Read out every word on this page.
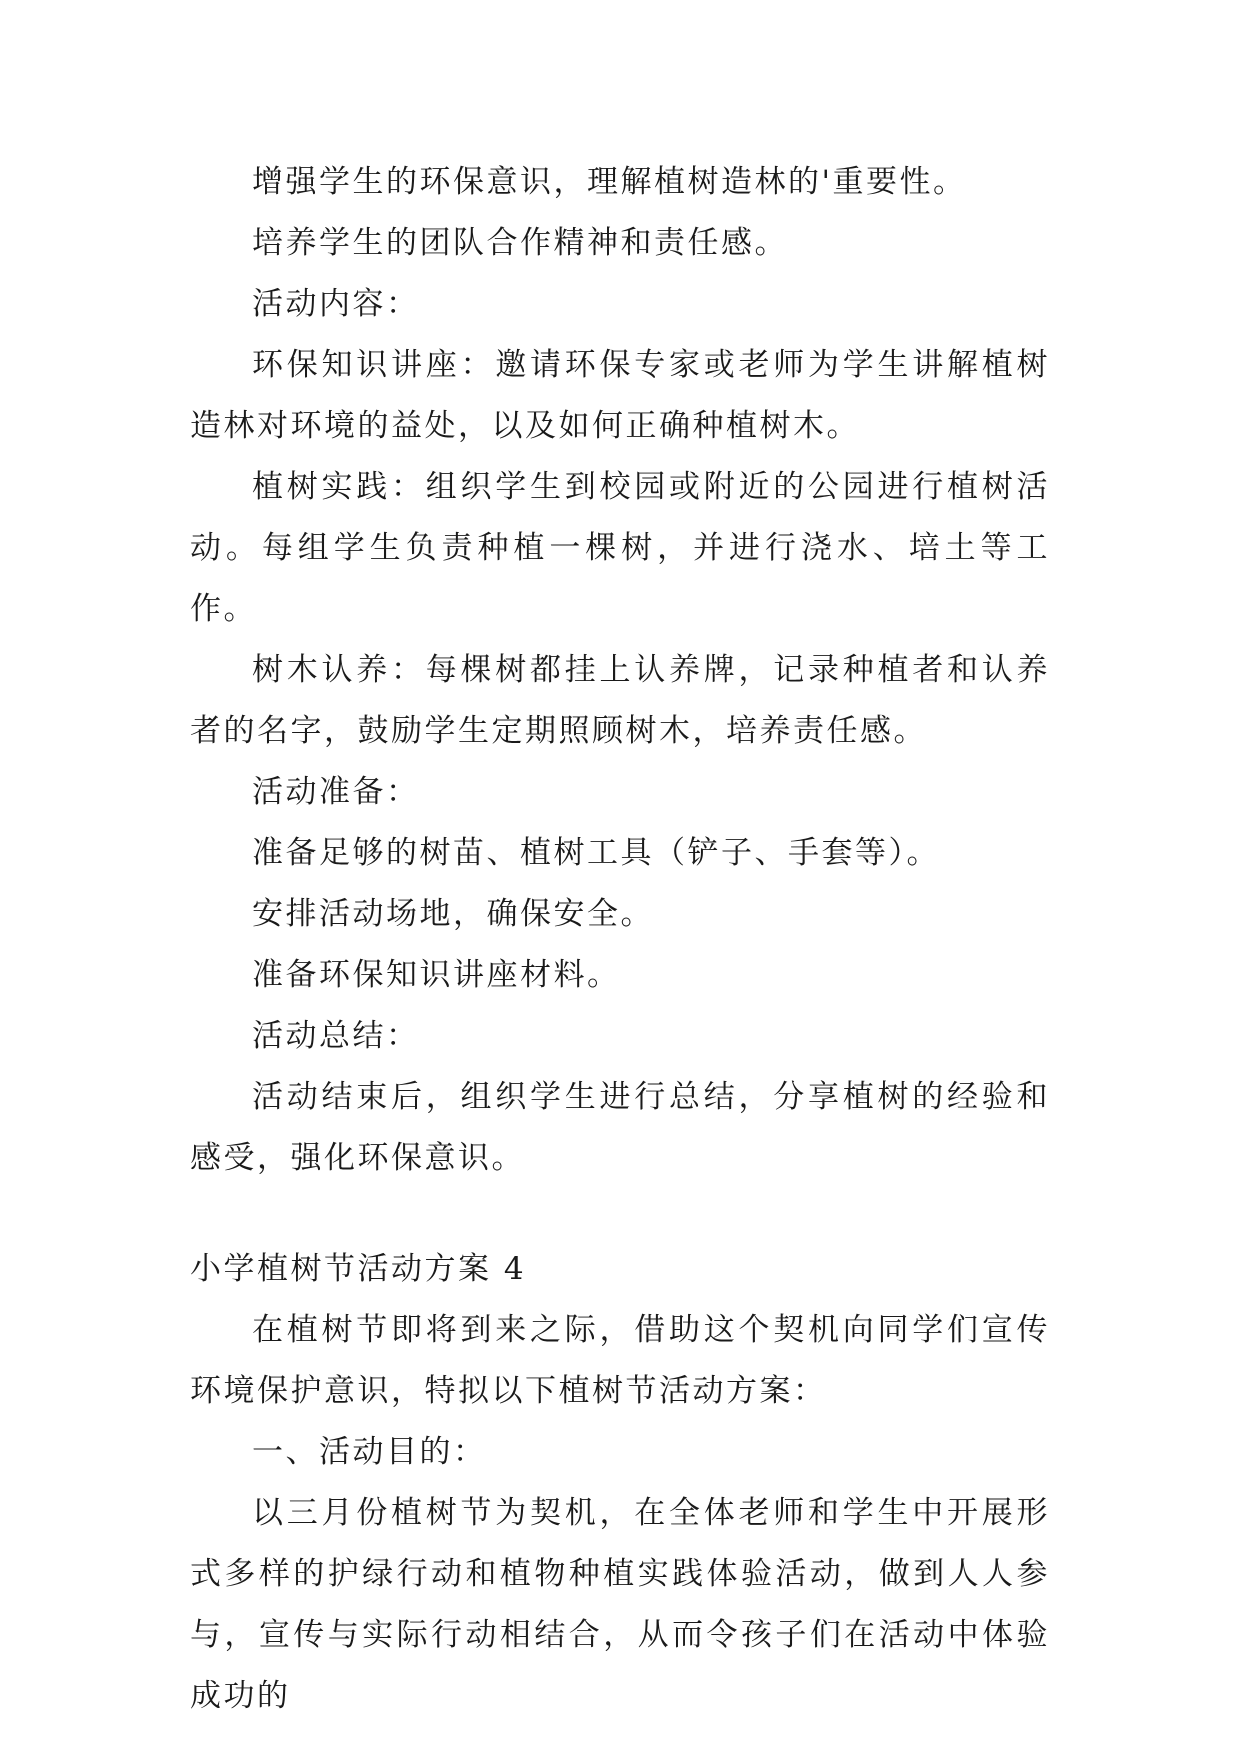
增强学生的环保意识，理解植树造林的'重要性。

培养学生的团队合作精神和责任感。

活动内容：

环保知识讲座：邀请环保专家或老师为学生讲解植树造林对环境的益处，以及如何正确种植树木。

植树实践：组织学生到校园或附近的公园进行植树活动。每组学生负责种植一棵树，并进行浇水、培土等工作。

树木认养：每棵树都挂上认养牌，记录种植者和认养者的名字，鼓励学生定期照顾树木，培养责任感。

活动准备：

准备足够的树苗、植树工具（铲子、手套等）。

安排活动场地，确保安全。

准备环保知识讲座材料。

活动总结：

活动结束后，组织学生进行总结，分享植树的经验和感受，强化环保意识。

小学植树节活动方案 4

在植树节即将到来之际，借助这个契机向同学们宣传环境保护意识，特拟以下植树节活动方案：

一、活动目的：

以三月份植树节为契机，在全体老师和学生中开展形式多样的护绿行动和植物种植实践体验活动，做到人人参与，宣传与实际行动相结合，从而令孩子们在活动中体验成功的
